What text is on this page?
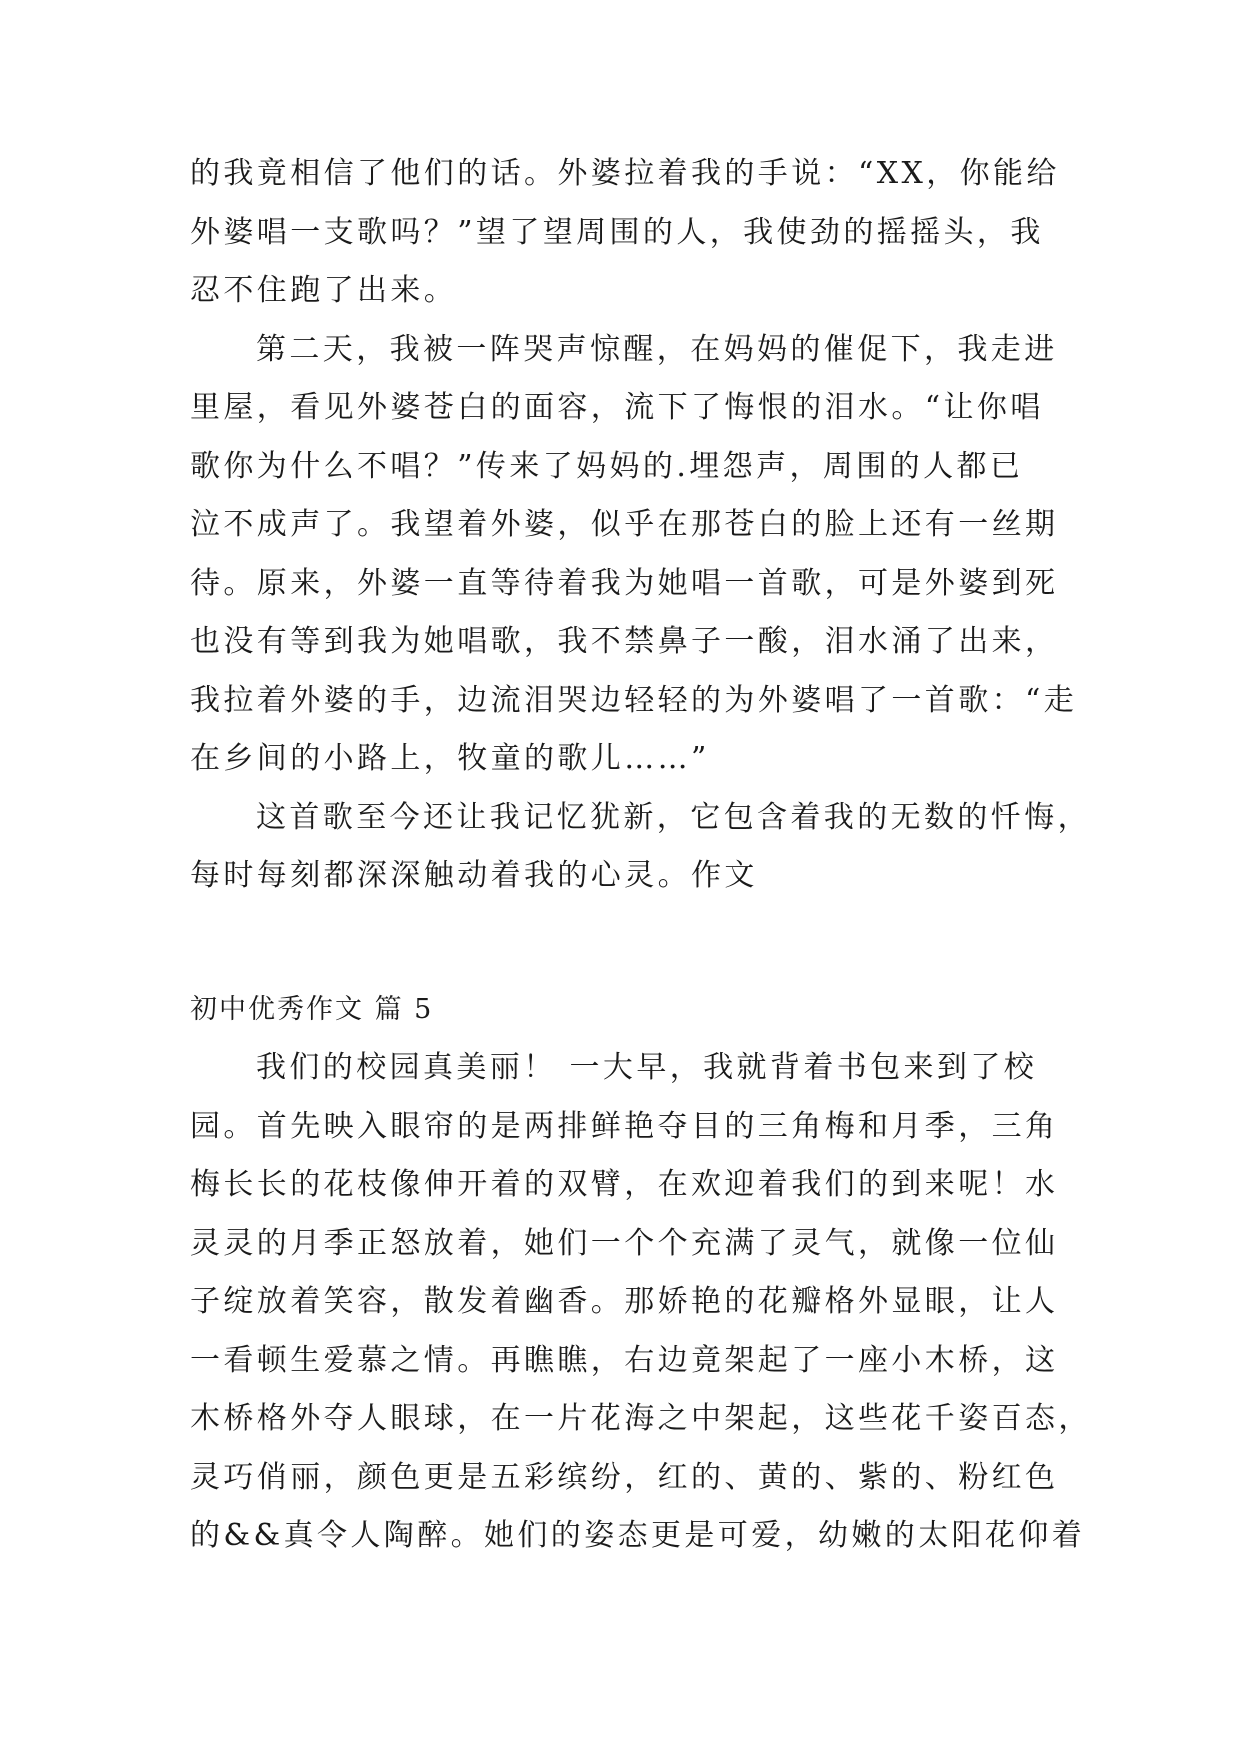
的我竟相信了他们的话。外婆拉着我的手说：“XX，你能给
外婆唱一支歌吗？”望了望周围的人，我使劲的摇摇头，我
忍不住跑了出来。
第二天，我被一阵哭声惊醒，在妈妈的催促下，我走进
里屋，看见外婆苍白的面容，流下了悔恨的泪水。“让你唱
歌你为什么不唱？”传来了妈妈的.埋怨声，周围的人都已
泣不成声了。我望着外婆，似乎在那苍白的脸上还有一丝期
待。原来，外婆一直等待着我为她唱一首歌，可是外婆到死
也没有等到我为她唱歌，我不禁鼻子一酸，泪水涌了出来，
我拉着外婆的手，边流泪哭边轻轻的为外婆唱了一首歌：“走
在乡间的小路上，牧童的歌儿……”
这首歌至今还让我记忆犹新，它包含着我的无数的忏悔，
每时每刻都深深触动着我的心灵。作文
初中优秀作文 篇 5
我们的校园真美丽！ 一大早，我就背着书包来到了校
园。首先映入眼帘的是两排鲜艳夺目的三角梅和月季，三角
梅长长的花枝像伸开着的双臂，在欢迎着我们的到来呢！水
灵灵的月季正怒放着，她们一个个充满了灵气，就像一位仙
子绽放着笑容，散发着幽香。那娇艳的花瓣格外显眼，让人
一看顿生爱慕之情。再瞧瞧，右边竟架起了一座小木桥，这
木桥格外夺人眼球，在一片花海之中架起，这些花千姿百态，
灵巧俏丽，颜色更是五彩缤纷，红的、黄的、紫的、粉红色
的&&真令人陶醉。她们的姿态更是可爱，幼嫩的太阳花仰着
